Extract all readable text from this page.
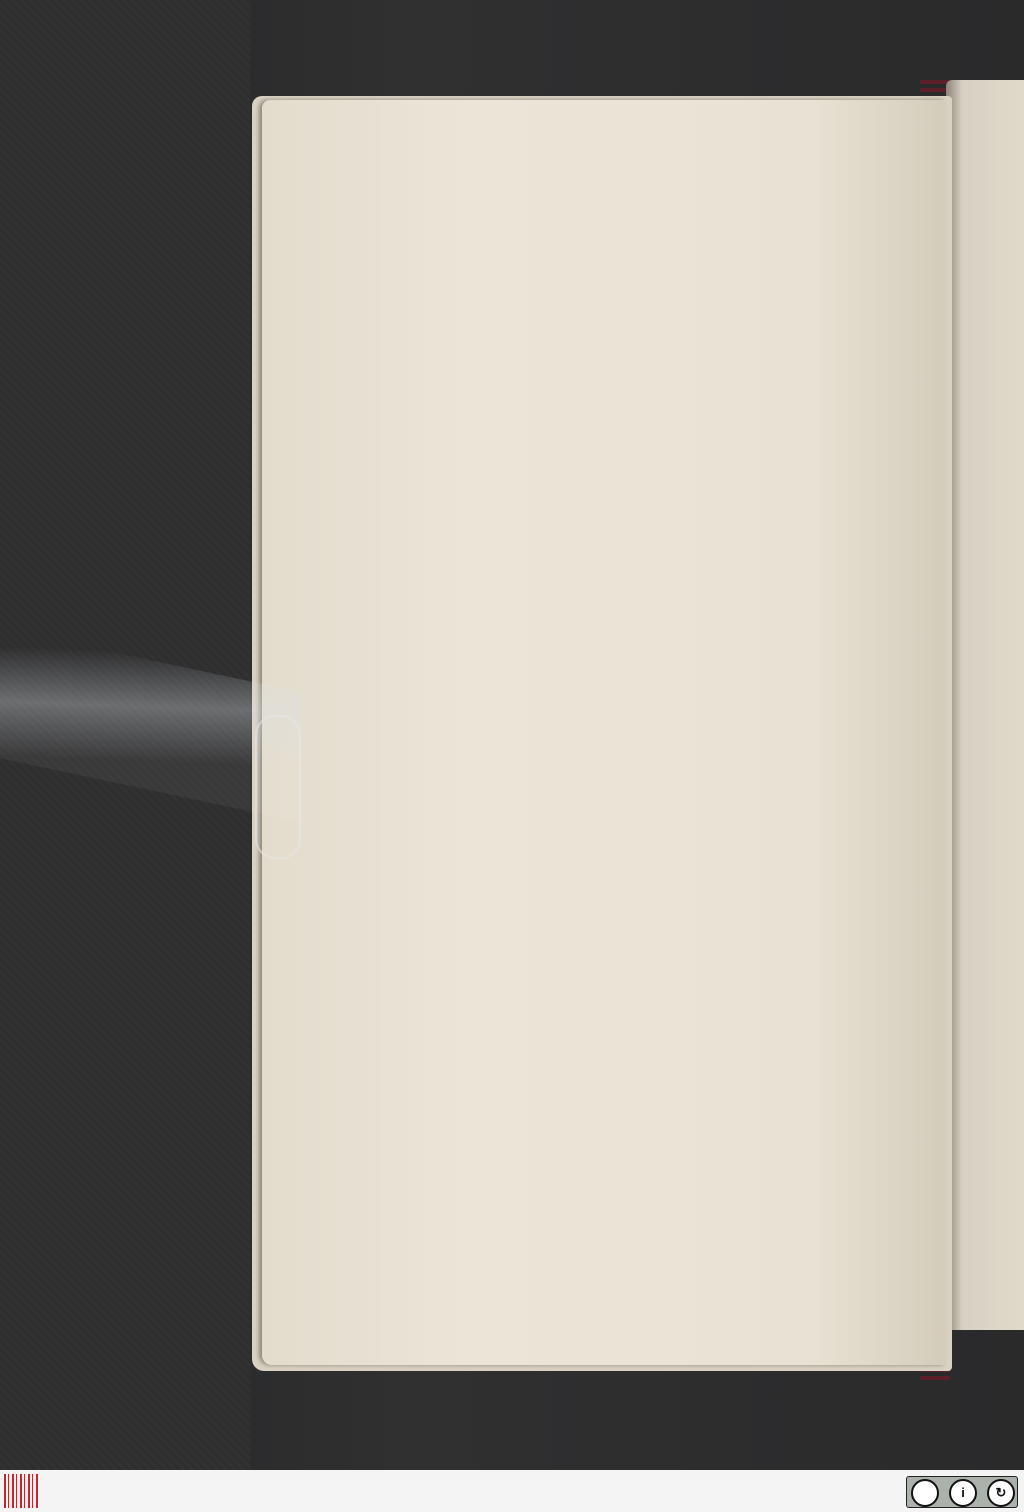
i	↻
